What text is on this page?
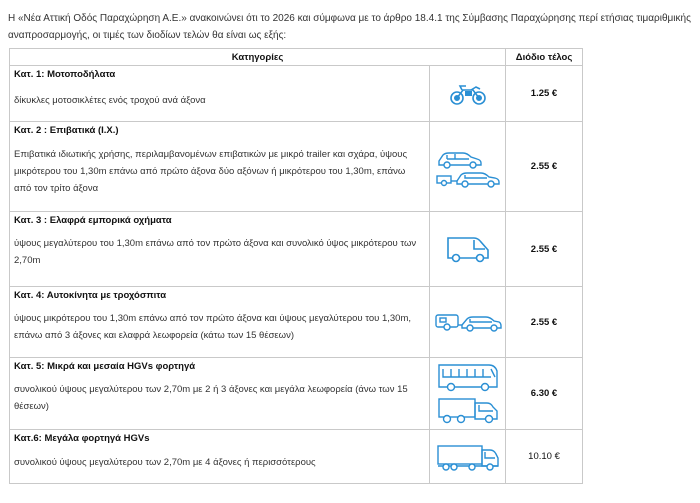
Η «Νέα Αττική Οδός Παραχώρηση Α.Ε.» ανακοινώνει ότι το 2026 και σύμφωνα με το άρθρο 18.4.1 της Σύμβασης Παραχώρησης περί ετήσιας τιμαριθμικής αναπροσαρμογής, οι τιμές των διοδίων τελών θα είναι ως εξής:
Κατηγορίες		Διόδιο τέλος

Κατ. 1: Μοτοποδήλατα
δίκυκλες μοτοσικλέτες ενός τροχού ανά άξονα		1.25 €

Κατ. 2 : Επιβατικά (Ι.Χ.)
Επιβατικά ιδιωτικής χρήσης, περιλαμβανομένων επιβατικών με μικρό trailer και σχάρα, ύψους μικρότερου του 1,30m επάνω από πρώτο άξονα δύο αξόνων ή μικρότερου του 1,30m, επάνω από τον τρίτο άξονα		2.55 €

Κατ. 3 : Ελαφρά εμπορικά οχήματα
ύψους μεγαλύτερου του 1,30m επάνω από τον πρώτο άξονα και συνολικό ύψος μικρότερου των 2,70m		2.55 €

Κατ. 4: Αυτοκίνητα με τροχόσπιτα
ύψους μικρότερου του 1,30m επάνω από τον πρώτο άξονα και ύψους μεγαλύτερου του 1,30m, επάνω από 3 άξονες και ελαφρά λεωφορεία (κάτω των 15 θέσεων)		2.55 €

Κατ. 5: Μικρά και μεσαία HGVs φορτηγά
συνολικού ύψους μεγαλύτερου των 2,70m με 2 ή 3 άξονες και μεγάλα λεωφορεία (άνω των 15 θέσεων)		6.30 €

Κατ.6: Μεγάλα φορτηγά HGVs
συνολικού ύψους μεγαλύτερου των 2,70m με 4 άξονες ή περισσότερους		10.10 €
